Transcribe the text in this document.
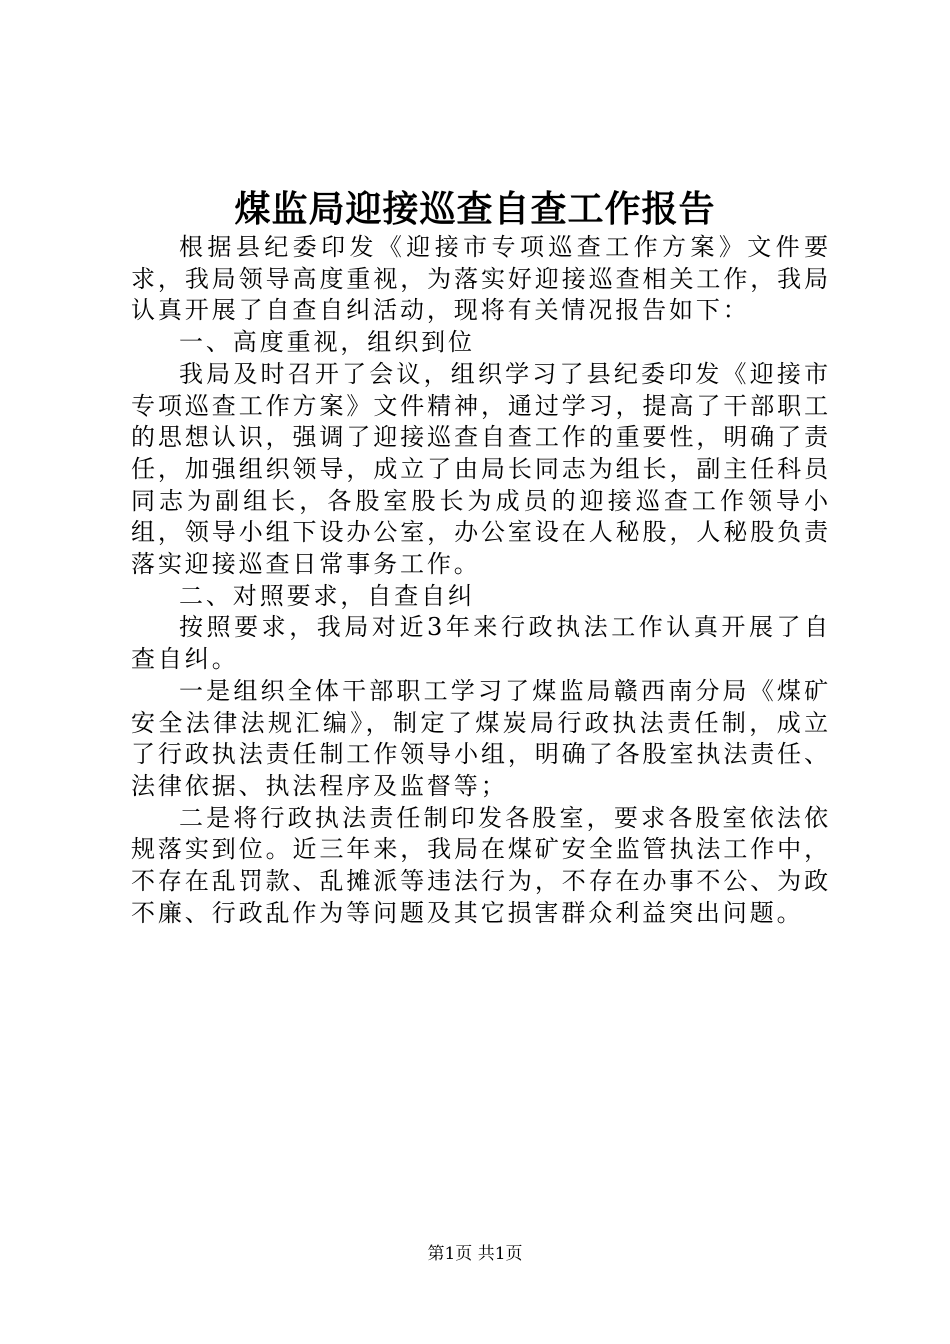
煤监局迎接巡查自查工作报告

根据县纪委印发《迎接市专项巡查工作方案》文件要求，我局领导高度重视，为落实好迎接巡查相关工作，我局认真开展了自查自纠活动，现将有关情况报告如下：

一、高度重视，组织到位

我局及时召开了会议，组织学习了县纪委印发《迎接市专项巡查工作方案》文件精神，通过学习，提高了干部职工的思想认识，强调了迎接巡查自查工作的重要性，明确了责任，加强组织领导，成立了由局长同志为组长，副主任科员同志为副组长，各股室股长为成员的迎接巡查工作领导小组，领导小组下设办公室，办公室设在人秘股，人秘股负责落实迎接巡查日常事务工作。

二、对照要求，自查自纠

按照要求，我局对近3年来行政执法工作认真开展了自查自纠。

一是组织全体干部职工学习了煤监局赣西南分局《煤矿安全法律法规汇编》，制定了煤炭局行政执法责任制，成立了行政执法责任制工作领导小组，明确了各股室执法责任、法律依据、执法程序及监督等；

二是将行政执法责任制印发各股室，要求各股室依法依规落实到位。近三年来，我局在煤矿安全监管执法工作中，不存在乱罚款、乱摊派等违法行为，不存在办事不公、为政不廉、行政乱作为等问题及其它损害群众利益突出问题。

第1页 共1页
